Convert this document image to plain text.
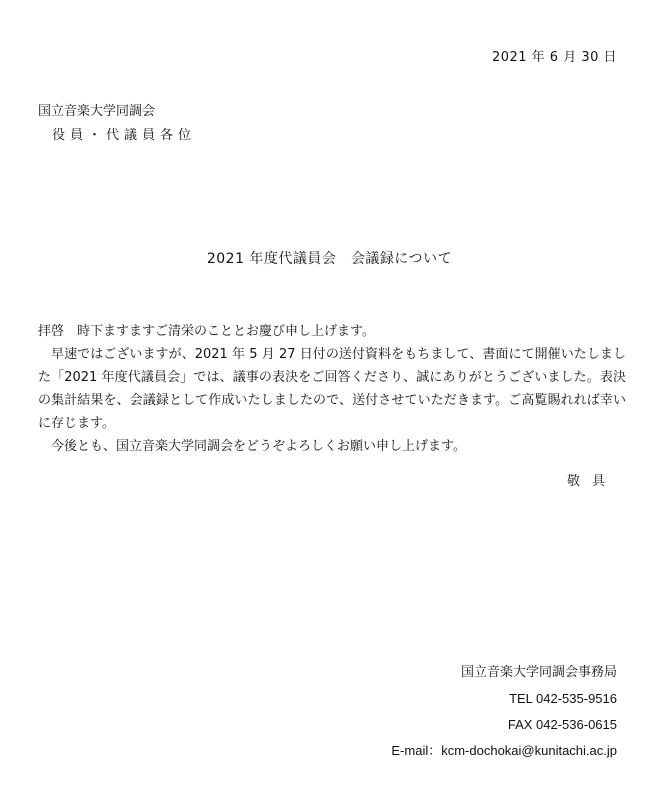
2021 年 6 月 30 日
国立音楽大学同調会
役員・代議員各位
2021 年度代議員会　会議録について

拝啓　時下ますますご清栄のこととお慶び申し上げます。

早速ではございますが、2021 年 5 月 27 日付の送付資料をもちまして、書面にて開催いたしました「2021 年度代議員会」では、議事の表決をご回答くださり、誠にありがとうございました。表決の集計結果を、会議録として作成いたしましたので、送付させていただきます。ご高覧賜れれば幸いに存じます。

今後とも、国立音楽大学同調会をどうぞよろしくお願い申し上げます。

敬具
国立音楽大学同調会事務局
TEL 042-535-9516
FAX 042-536-0615
E-mail：kcm-dochokai@kunitachi.ac.jp
